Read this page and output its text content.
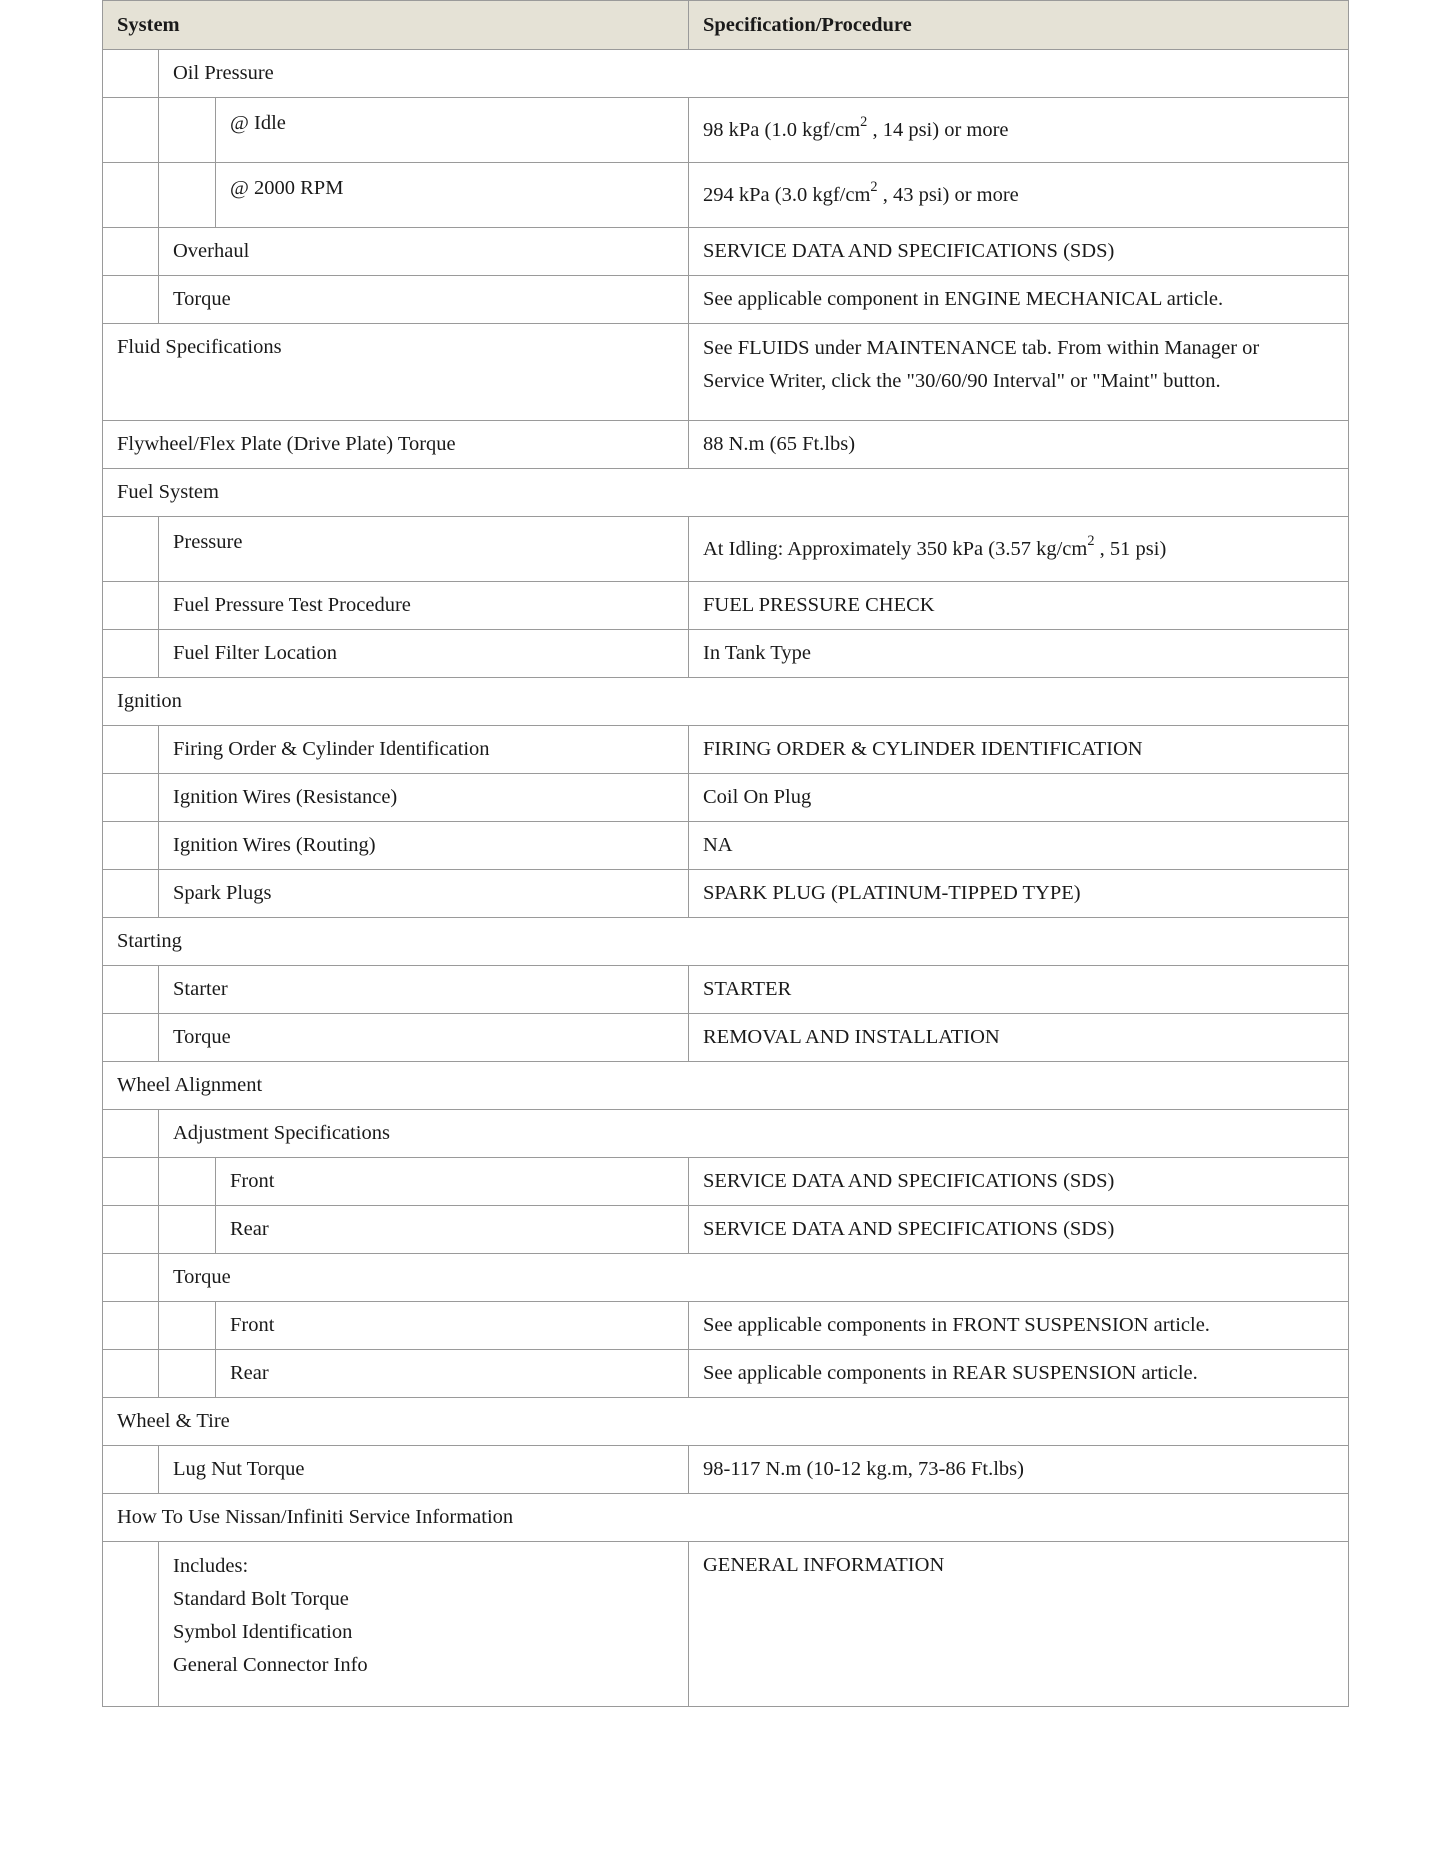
System			Specification/Procedure
	Oil Pressure		
		@ Idle	98 kPa (1.0 kgf/$cm^2$ , 14 psi) or more
		@ 2000 RPM	294 kPa (3.0 kgf/$cm^2$ , 43 psi) or more
	Overhaul		SERVICE DATA AND SPECIFICATIONS (SDS)
	Torque		See applicable component in ENGINE MECHANICAL article.
Fluid Specifications			See FLUIDS under MAINTENANCE tab. From within Manager or
Service Writer, click the "30/60/90 Interval" or "Maint" button.

Flywheel/Flex Plate (Drive Plate) Torque			88 N.m (65 Ft.lbs)
Fuel System			
	Pressure		At Idling: Approximately 350 kPa (3.57 $kg/cm^2$ , 51 psi)
	Fuel Pressure Test Procedure		FUEL PRESSURE CHECK
	Fuel Filter Location		In Tank Type
Ignition			
	Firing Order & Cylinder Identification		FIRING ORDER & CYLINDER IDENTIFICATION
	Ignition Wires (Resistance)		Coil On Plug
	Ignition Wires (Routing)		NA
	Spark Plugs		SPARK PLUG (PLATINUM-TIPPED TYPE)
Starting			
	Starter		STARTER
	Torque		REMOVAL AND INSTALLATION
Wheel Alignment			
	Adjustment Specifications		
		Front	SERVICE DATA AND SPECIFICATIONS (SDS)
		Rear	SERVICE DATA AND SPECIFICATIONS (SDS)
	Torque		
		Front	See applicable components in FRONT SUSPENSION article.
		Rear	See applicable components in REAR SUSPENSION article.
Wheel & Tire			
	Lug Nut Torque		98-117 N.m (10-12 kg.m, 73-86 Ft.lbs)
How To Use Nissan/Infiniti Service Information			

	Includes:
Standard Bolt Torque
Symbol Identification
General Connector Info		GENERAL INFORMATION
